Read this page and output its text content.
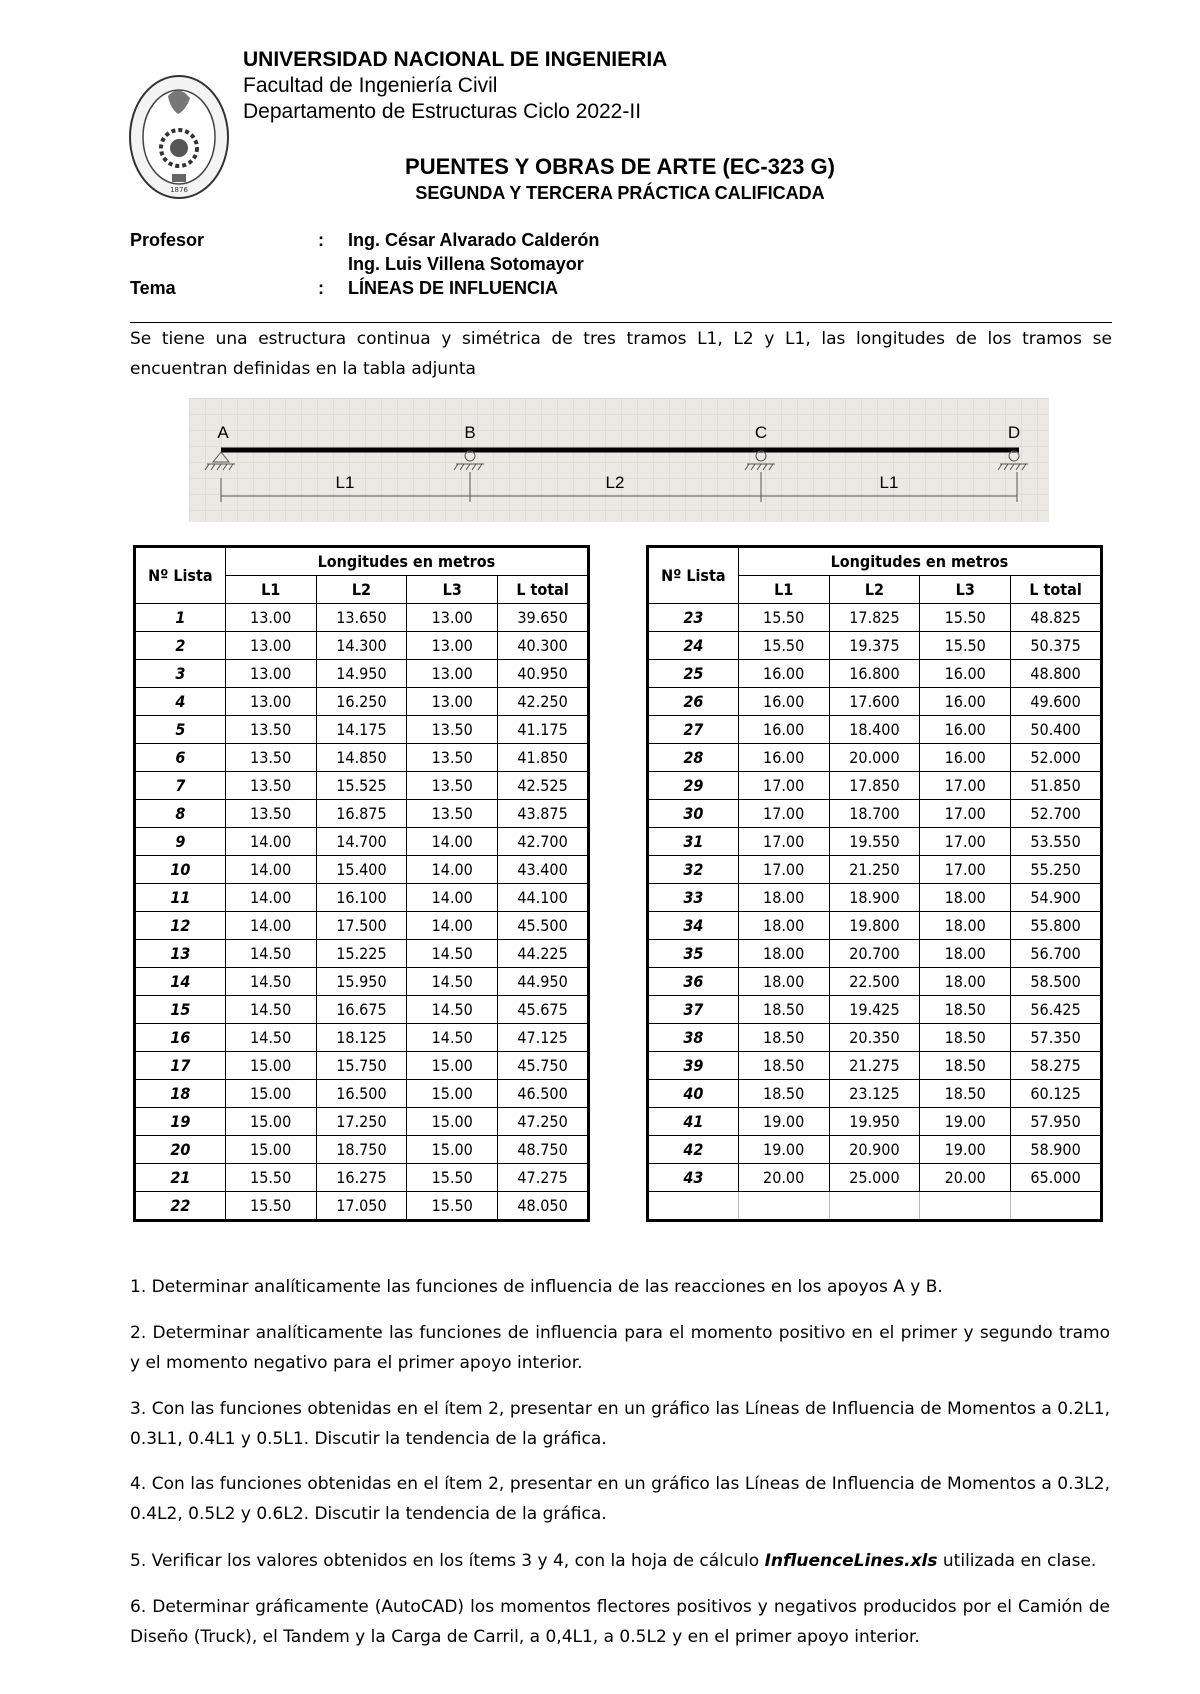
1876
UNIVERSIDAD NACIONAL DE INGENIERIA
Facultad de Ingeniería Civil
Departamento de Estructuras Ciclo 2022-II
PUENTES Y OBRAS DE ARTE (EC-323 G)
SEGUNDA Y TERCERA PRÁCTICA CALIFICADA
Profesor	: Ing. César Alvarado Calderón
Ing. Luis Villena Sotomayor
Tema	: LÍNEAS DE INFLUENCIA
Se tiene una estructura continua y simétrica de tres tramos L1, L2 y L1, las longitudes de los tramos se encuentran definidas en la tabla adjunta
A	B	C	D
L1	L2	L1
Nº Lista	Longitudes en metros			
	L1	L2	L3	L total
1	13.00	13.650	13.00	39.650
2	13.00	14.300	13.00	40.300
3	13.00	14.950	13.00	40.950
4	13.00	16.250	13.00	42.250
5	13.50	14.175	13.50	41.175
6	13.50	14.850	13.50	41.850
7	13.50	15.525	13.50	42.525
8	13.50	16.875	13.50	43.875
9	14.00	14.700	14.00	42.700
10	14.00	15.400	14.00	43.400
11	14.00	16.100	14.00	44.100
12	14.00	17.500	14.00	45.500
13	14.50	15.225	14.50	44.225
14	14.50	15.950	14.50	44.950
15	14.50	16.675	14.50	45.675
16	14.50	18.125	14.50	47.125
17	15.00	15.750	15.00	45.750
18	15.00	16.500	15.00	46.500
19	15.00	17.250	15.00	47.250
20	15.00	18.750	15.00	48.750
21	15.50	16.275	15.50	47.275
22	15.50	17.050	15.50	48.050
Nº Lista	Longitudes en metros			
	L1	L2	L3	L total
23	15.50	17.825	15.50	48.825
24	15.50	19.375	15.50	50.375
25	16.00	16.800	16.00	48.800
26	16.00	17.600	16.00	49.600
27	16.00	18.400	16.00	50.400
28	16.00	20.000	16.00	52.000
29	17.00	17.850	17.00	51.850
30	17.00	18.700	17.00	52.700
31	17.00	19.550	17.00	53.550
32	17.00	21.250	17.00	55.250
33	18.00	18.900	18.00	54.900
34	18.00	19.800	18.00	55.800
35	18.00	20.700	18.00	56.700
36	18.00	22.500	18.00	58.500
37	18.50	19.425	18.50	56.425
38	18.50	20.350	18.50	57.350
39	18.50	21.275	18.50	58.275
40	18.50	23.125	18.50	60.125
41	19.00	19.950	19.00	57.950
42	19.00	20.900	19.00	58.900
43	20.00	25.000	20.00	65.000

1. Determinar analíticamente las funciones de influencia de las reacciones en los apoyos A y B.
2. Determinar analíticamente las funciones de influencia para el momento positivo en el primer y segundo tramo y el momento negativo para el primer apoyo interior.
3. Con las funciones obtenidas en el ítem 2, presentar en un gráfico las Líneas de Influencia de Momentos a 0.2L1, 0.3L1, 0.4L1 y 0.5L1. Discutir la tendencia de la gráfica.
4. Con las funciones obtenidas en el ítem 2, presentar en un gráfico las Líneas de Influencia de Momentos a 0.3L2, 0.4L2, 0.5L2 y 0.6L2. Discutir la tendencia de la gráfica.
5. Verificar los valores obtenidos en los ítems 3 y 4, con la hoja de cálculo InfluenceLines.xls utilizada en clase.
6. Determinar gráficamente (AutoCAD) los momentos flectores positivos y negativos producidos por el Camión de Diseño (Truck), el Tandem y la Carga de Carril, a 0,4L1, a 0.5L2 y en el primer apoyo interior.
